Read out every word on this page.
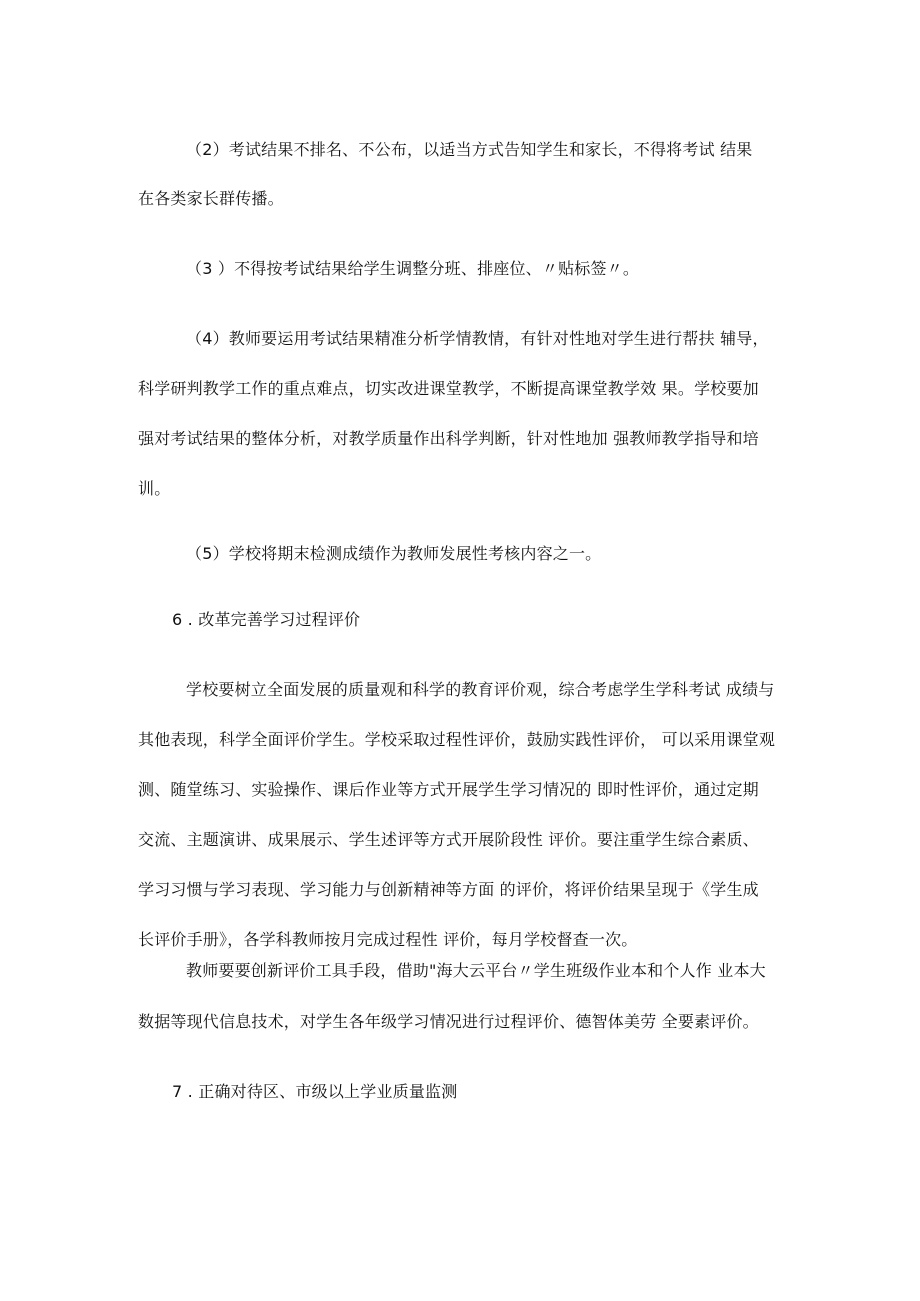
（2）考试结果不排名、不公布，以适当方式告知学生和家长，不得将考试 结果
在各类家长群传播。
（3 ）不得按考试结果给学生调整分班、排座位、〃贴标签〃。
（4）教师要运用考试结果精准分析学情教情，有针对性地对学生进行帮扶 辅导，
科学研判教学工作的重点难点，切实改进课堂教学，不断提高课堂教学效 果。学校要加
强对考试结果的整体分析，对教学质量作出科学判断，针对性地加 强教师教学指导和培
训。
（5）学校将期末检测成绩作为教师发展性考核内容之一。
6 . 改革完善学习过程评价
学校要树立全面发展的质量观和科学的教育评价观，综合考虑学生学科考试 成绩与
其他表现，科学全面评价学生。学校采取过程性评价，鼓励实践性评价， 可以采用课堂观
测、随堂练习、实验操作、课后作业等方式开展学生学习情况的 即时性评价，通过定期
交流、主题演讲、成果展示、学生述评等方式开展阶段性 评价。要注重学生综合素质、
学习习惯与学习表现、学习能力与创新精神等方面 的评价，将评价结果呈现于《学生成
长评价手册》，各学科教师按月完成过程性 评价，每月学校督查一次。
教师要要创新评价工具手段，借助"海大云平台〃学生班级作业本和个人作 业本大
数据等现代信息技术，对学生各年级学习情况进行过程评价、德智体美劳 全要素评价。
7 . 正确对待区、市级以上学业质量监测
